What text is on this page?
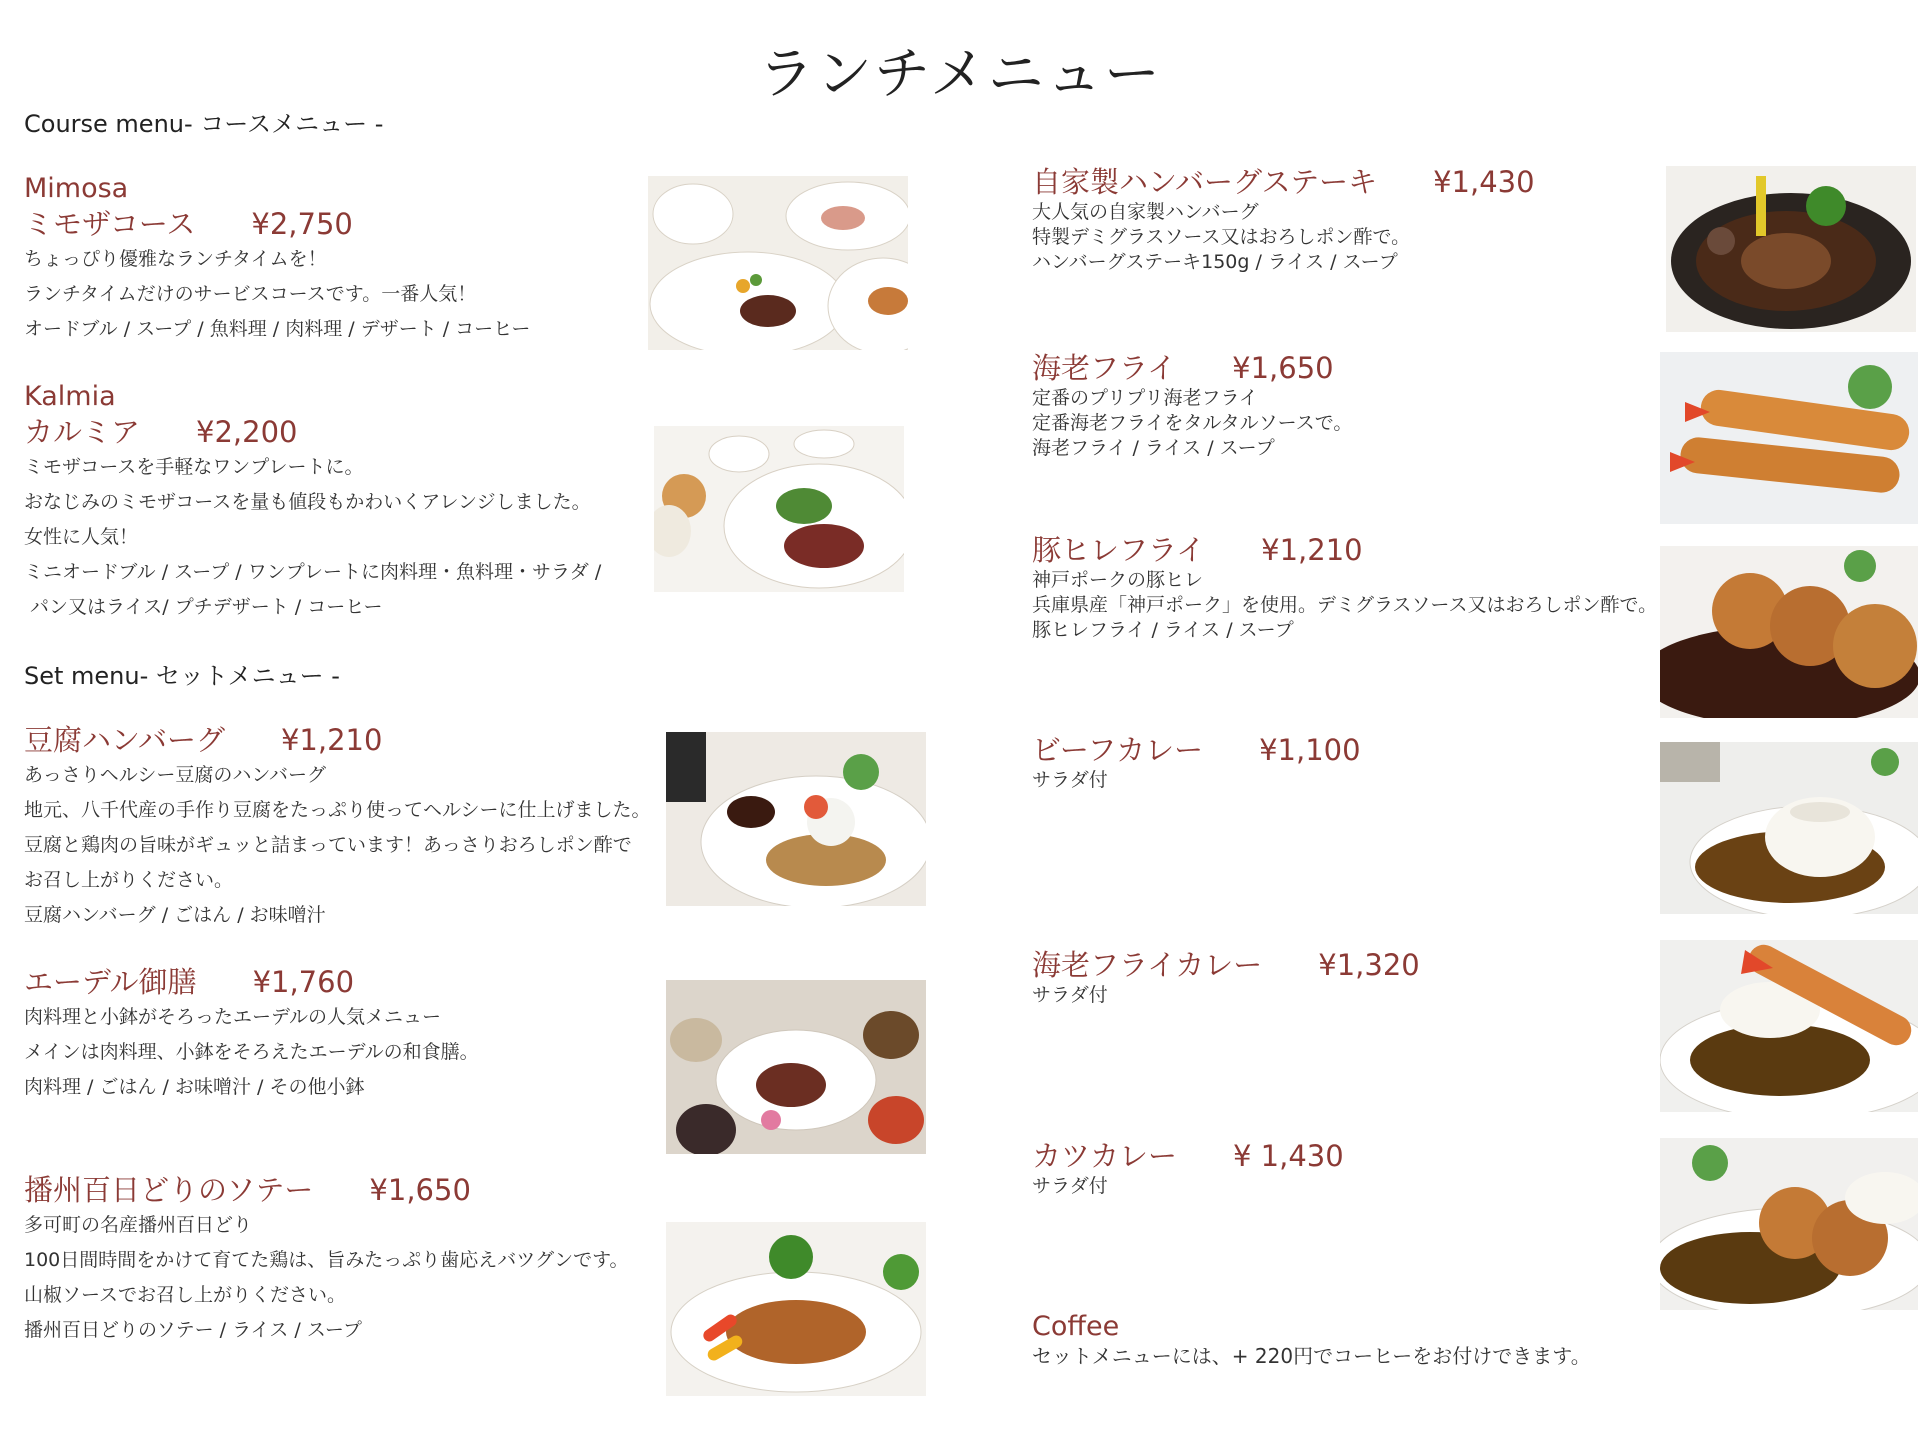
ランチメニュー
Course menu- コースメニュー -
Set menu- セットメニュー -
Mimosa
ミモザコース ¥2,750
ちょっぴり優雅なランチタイムを！
ランチタイムだけのサービスコースです。一番人気！
オードブル / スープ / 魚料理 / 肉料理 / デザート / コーヒー
Kalmia
カルミア ¥2,200
ミモザコースを手軽なワンプレートに。
おなじみのミモザコースを量も値段もかわいくアレンジしました。
女性に人気！
ミニオードブル / スープ / ワンプレートに肉料理・魚料理・サラダ /
パン又はライス/ プチデザート / コーヒー
豆腐ハンバーグ ¥1,210
あっさりヘルシー豆腐のハンバーグ
地元、八千代産の手作り豆腐をたっぷり使ってヘルシーに仕上げました。
豆腐と鶏肉の旨味がギュッと詰まっています！あっさりおろしポン酢で
お召し上がりください。
豆腐ハンバーグ / ごはん / お味噌汁
エーデル御膳 ¥1,760
肉料理と小鉢がそろったエーデルの人気メニュー
メインは肉料理、小鉢をそろえたエーデルの和食膳。
肉料理 / ごはん / お味噌汁 / その他小鉢
播州百日どりのソテー ¥1,650
多可町の名産播州百日どり
100日間時間をかけて育てた鶏は、旨みたっぷり歯応えバツグンです。
山椒ソースでお召し上がりください。
播州百日どりのソテー / ライス / スープ
自家製ハンバーグステーキ ¥1,430
大人気の自家製ハンバーグ
特製デミグラスソース又はおろしポン酢で。
ハンバーグステーキ150g / ライス / スープ
海老フライ ¥1,650
定番のプリプリ海老フライ
定番海老フライをタルタルソースで。
海老フライ / ライス / スープ
豚ヒレフライ ¥1,210
神戸ポークの豚ヒレ
兵庫県産「神戸ポーク」を使用。デミグラスソース又はおろしポン酢で。
豚ヒレフライ / ライス / スープ
ビーフカレー ¥1,100
サラダ付
海老フライカレー ¥1,320
サラダ付
カツカレー ¥ 1,430
サラダ付
Coffee
セットメニューには、+ 220円でコーヒーをお付けできます。
